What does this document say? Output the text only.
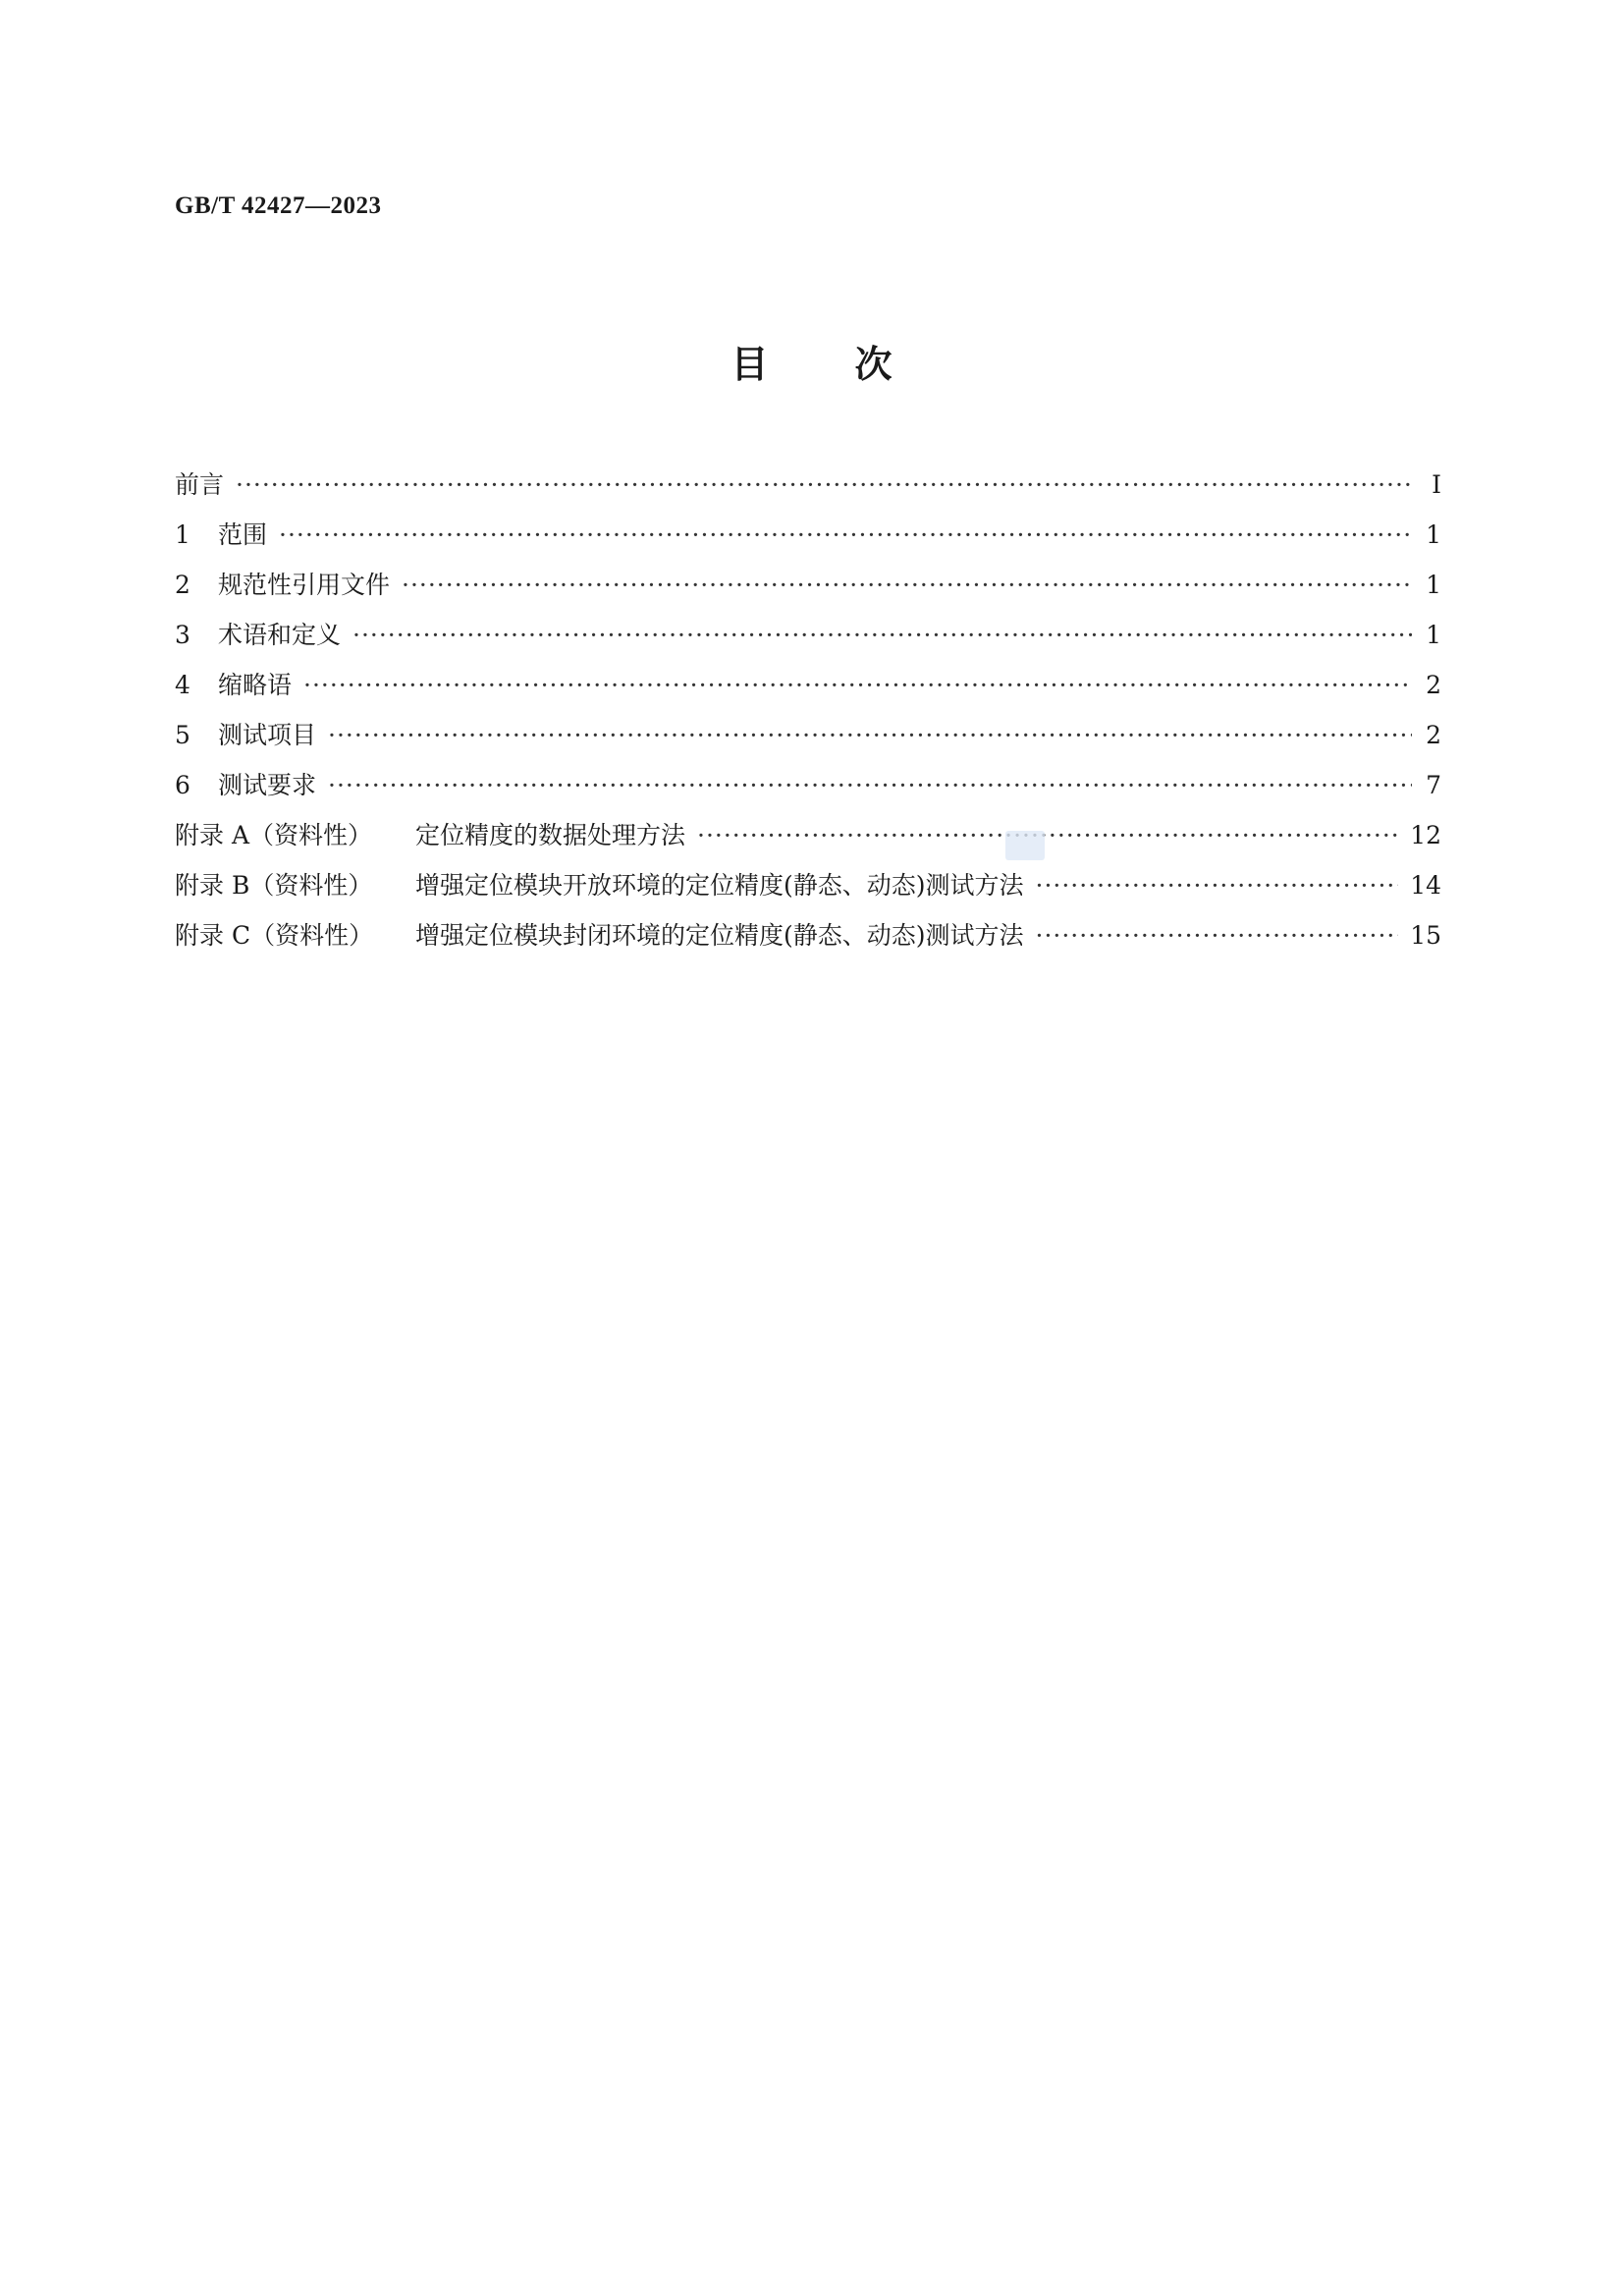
GB/T 42427—2023
目次
前言 ·····	Ⅰ
1	范围 ·····	1
2	规范性引用文件 ·····	1
3	术语和定义 ·····	1
4	缩略语 ·····	2
5	测试项目 ·····	2
6	测试要求 ·····	7
附录 A（资料性）	定位精度的数据处理方法 ·····	12
附录 B（资料性）	增强定位模块开放环境的定位精度(静态、动态)测试方法 ·····	14
附录 C（资料性）	增强定位模块封闭环境的定位精度(静态、动态)测试方法 ·····	15
